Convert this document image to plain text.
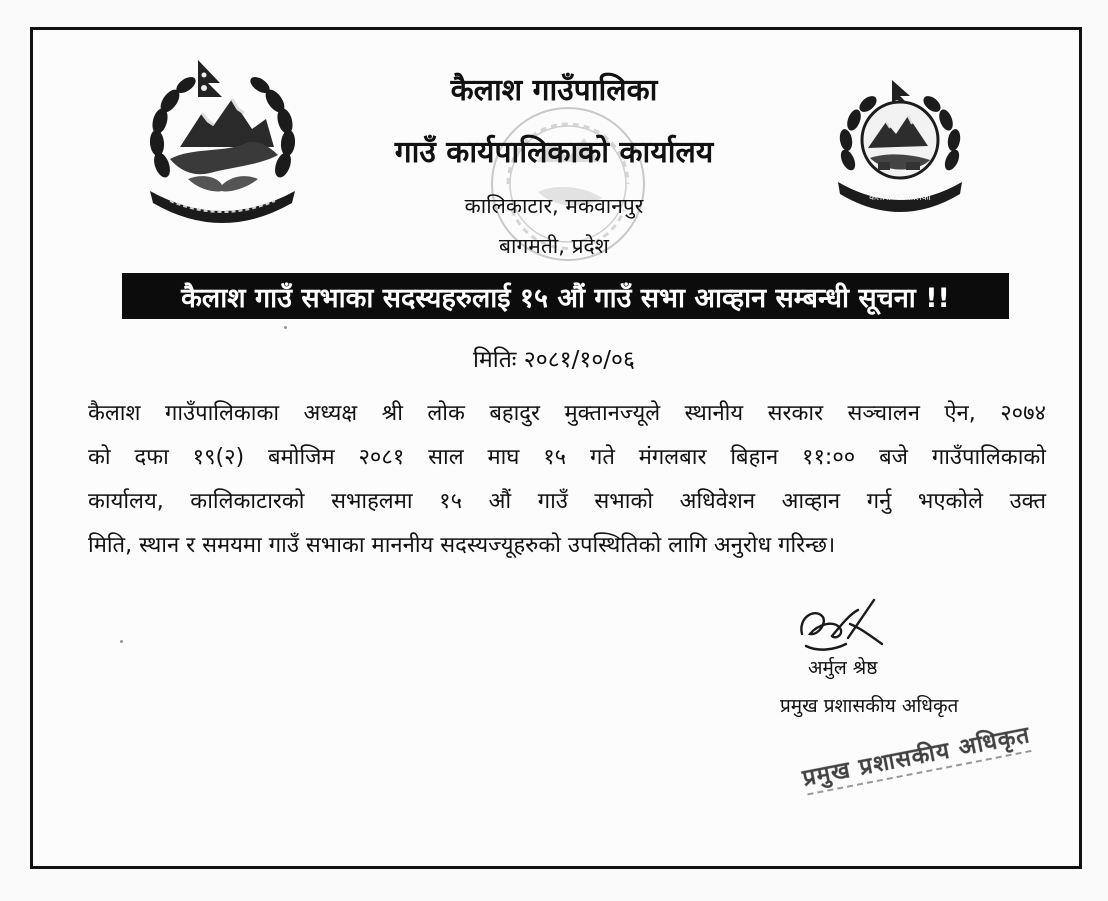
कैलाश गाउँपालिका
कैलाश गाउँपालिका
गाउँ कार्यपालिकाको कार्यालय
कालिकाटार, मकवानपुर
बागमती, प्रदेश
कैलाश गाउँ सभाका सदस्यहरुलाई १५ औं गाउँ सभा आव्हान सम्बन्धी सूचना !!
मितिः २०८१/१०/०६
कैलाश गाउँपालिकाका अध्यक्ष श्री लोक बहादुर मुक्तानज्यूले स्थानीय सरकार सञ्चालन ऐन, २०७४
को दफा १९(२) बमोजिम २०८१ साल माघ १५ गते मंगलबार बिहान ११:०० बजे गाउँपालिकाको
कार्यालय, कालिकाटारको सभाहलमा १५ औं गाउँ सभाको अधिवेशन आव्हान गर्नु भएकोले उक्त
मिति, स्थान र समयमा गाउँ सभाका माननीय सदस्यज्यूहरुको उपस्थितिको लागि अनुरोध गरिन्छ।
अर्मुल श्रेष्ठ
प्रमुख प्रशासकीय अधिकृत
प्रमुख प्रशासकीय अधिकृत
